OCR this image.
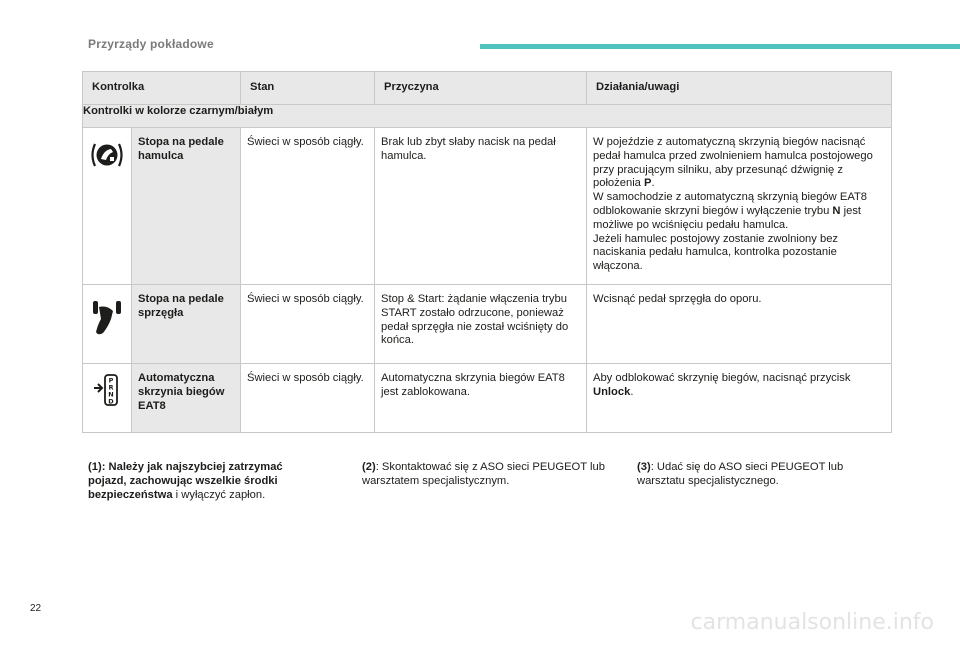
Przyrządy pokładowe
Kontrolka		Stan	Przyczyna	Działania/uwagi
Kontrolki w kolorze czarnym/białym				
	Stopa na pedale hamulca	Świeci w sposób ciągły.	Brak lub zbyt słaby nacisk na pedał hamulca.	W pojeździe z automatyczną skrzynią biegów nacisnąć pedał hamulca przed zwolnieniem hamulca postojowego przy pracującym silniku, aby przesunąć dźwignię z położenia P.
W samochodzie z automatyczną skrzynią biegów EAT8 odblokowanie skrzyni biegów i wyłączenie trybu N jest możliwe po wciśnięciu pedału hamulca.
Jeżeli hamulec postojowy zostanie zwolniony bez naciskania pedału hamulca, kontrolka pozostanie włączona.
	Stopa na pedale sprzęgła	Świeci w sposób ciągły.	Stop & Start: żądanie włączenia trybu START zostało odrzucone, ponieważ pedał sprzęgła nie został wciśnięty do końca.	Wcisnąć pedał sprzęgła do oporu.

P
R
N
D	Automatyczna skrzynia biegów EAT8	Świeci w sposób ciągły.	Automatyczna skrzynia biegów EAT8 jest zablokowana.	Aby odblokować skrzynię biegów, nacisnąć przycisk Unlock.
(1): Należy jak najszybciej zatrzymać pojazd, zachowując wszelkie środki bezpieczeństwa i wyłączyć zapłon.
(2): Skontaktować się z ASO sieci PEUGEOT lub warsztatem specjalistycznym.
(3): Udać się do ASO sieci PEUGEOT lub warsztatu specjalistycznego.
22
carmanualsonline.info
